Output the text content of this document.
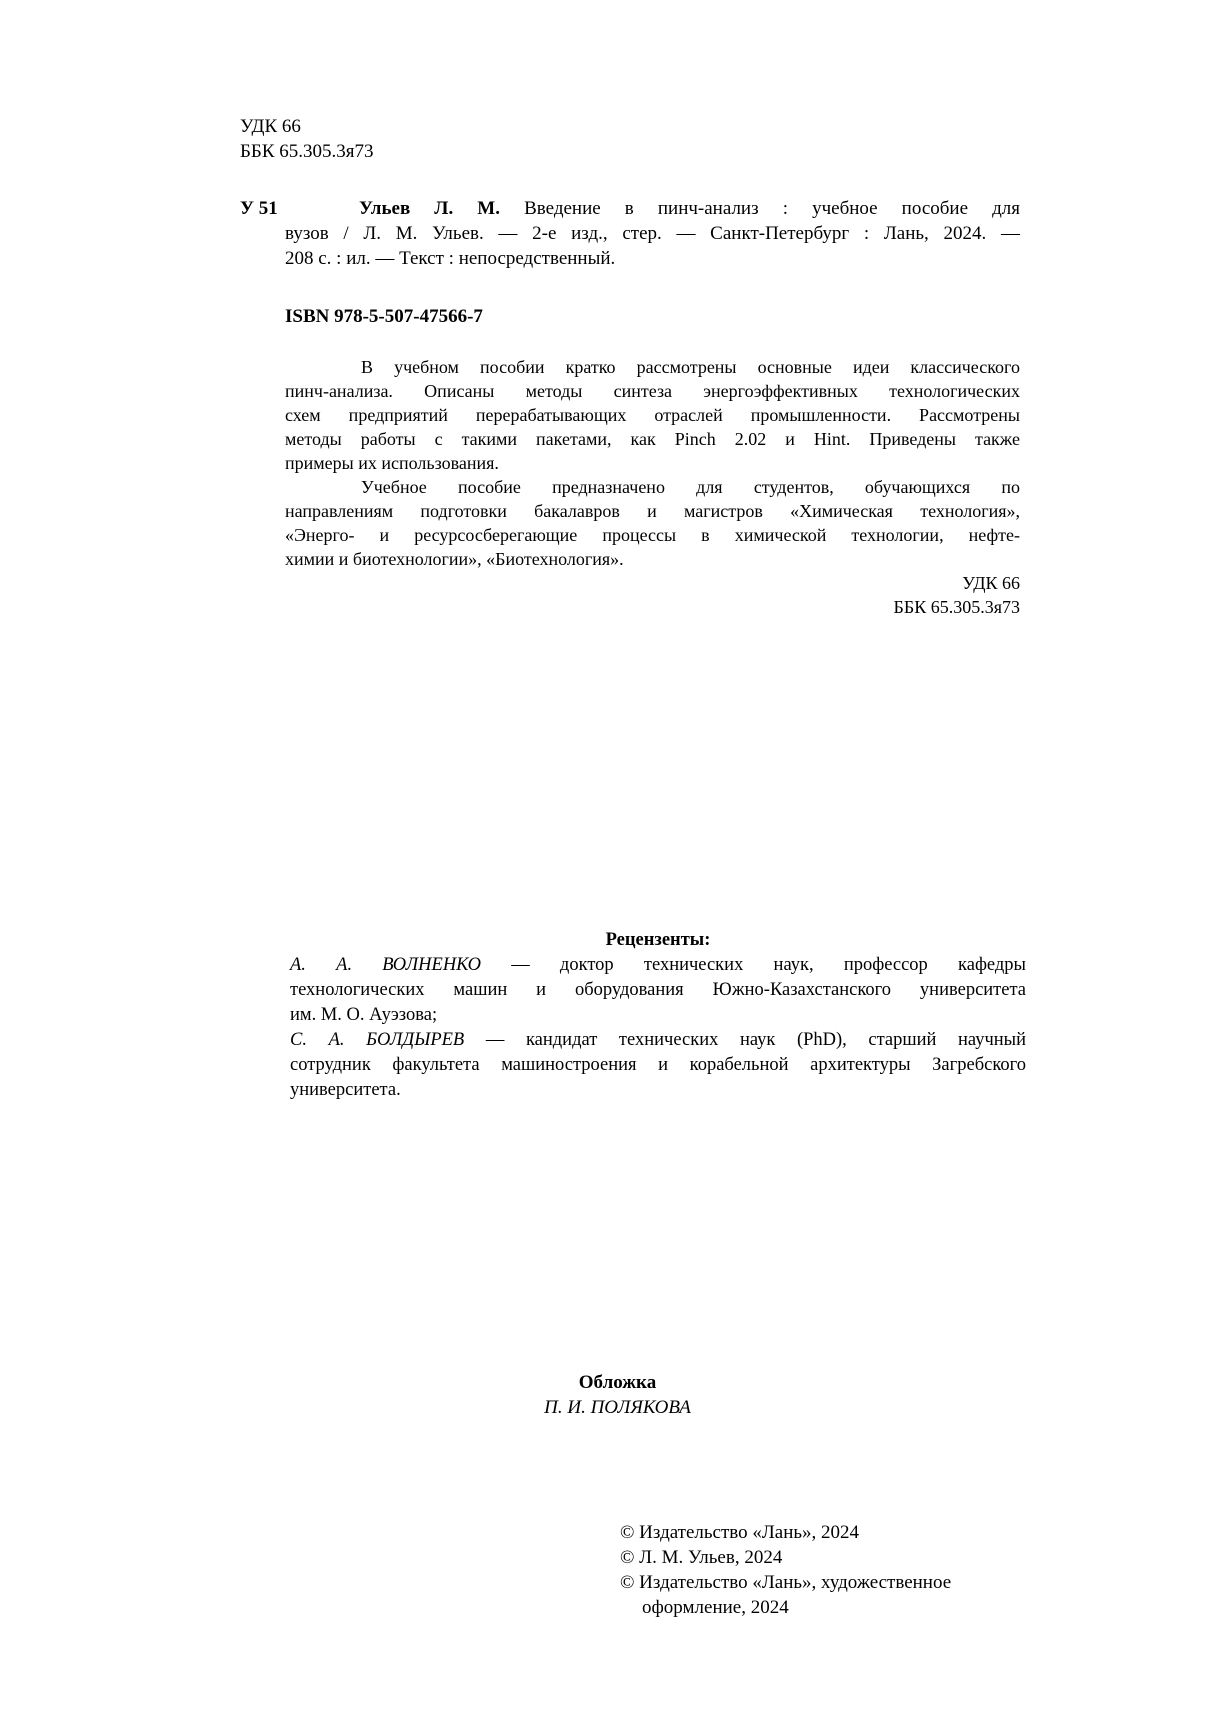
УДК 66
ББК 65.305.3я73
У 51	Ульев Л. М. Введение в пинч-анализ : учебное пособие для

вузов / Л. М. Ульев. — 2-е изд., стер. — Санкт-Петербург : Лань, 2024. —

208 с. : ил. — Текст : непосредственный.

ISBN 978-5-507-47566-7

В учебном пособии кратко рассмотрены основные идеи классического

пинч-анализа. Описаны методы синтеза энергоэффективных технологических

схем предприятий перерабатывающих отраслей промышленности. Рассмотрены

методы работы с такими пакетами, как Pinch 2.02 и Hint. Приведены также

примеры их использования.

Учебное пособие предназначено для студентов, обучающихся по

направлениям подготовки бакалавров и магистров «Химическая технология»,

«Энерго- и ресурсосберегающие процессы в химической технологии, нефте-

химии и биотехнологии», «Биотехнология».

УДК 66

ББК 65.305.3я73

Рецензенты:

А. А. ВОЛНЕНКО — доктор технических наук, профессор кафедры

технологических машин и оборудования Южно-Казахстанского университета

им. М. О. Ауэзова;

С. А. БОЛДЫРЕВ — кандидат технических наук (PhD), старший научный

сотрудник факультета машиностроения и корабельной архитектуры Загребского

университета.

Обложка
П. И. ПОЛЯКОВА
© Издательство «Лань», 2024
© Л. М. Ульев, 2024
© Издательство «Лань», художественное
оформление, 2024
